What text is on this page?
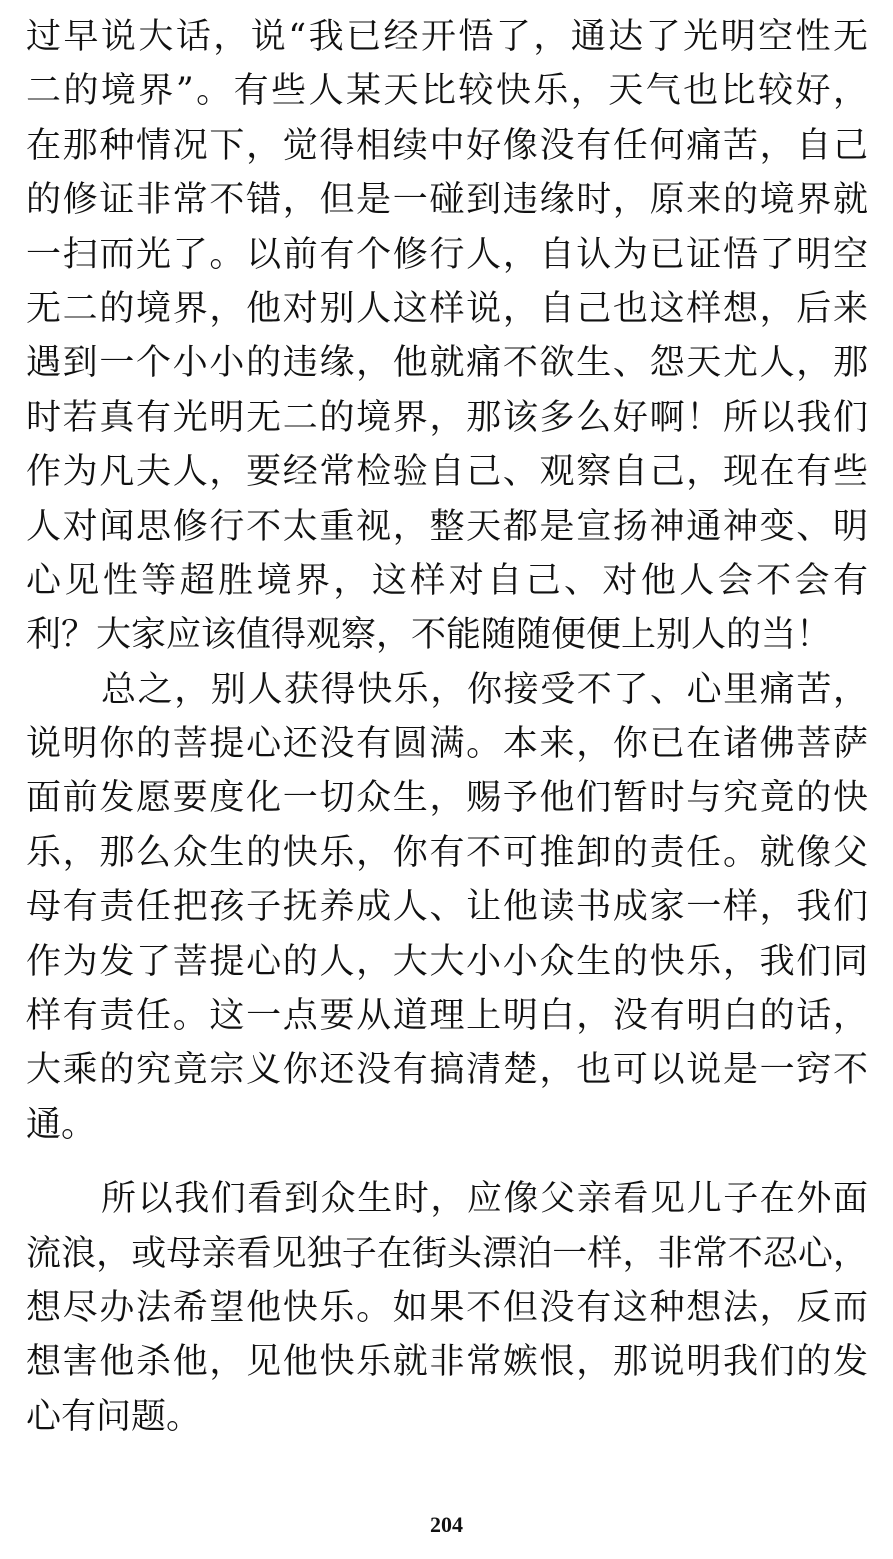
过早说大话，说“我已经开悟了，通达了光明空性无
二的境界”。有些人某天比较快乐，天气也比较好，
在那种情况下，觉得相续中好像没有任何痛苦，自己
的修证非常不错，但是一碰到违缘时，原来的境界就
一扫而光了。以前有个修行人，自认为已证悟了明空
无二的境界，他对别人这样说，自己也这样想，后来
遇到一个小小的违缘，他就痛不欲生、怨天尤人，那
时若真有光明无二的境界，那该多么好啊！所以我们
作为凡夫人，要经常检验自己、观察自己，现在有些
人对闻思修行不太重视，整天都是宣扬神通神变、明
心见性等超胜境界，这样对自己、对他人会不会有
利？大家应该值得观察，不能随随便便上别人的当！
总之，别人获得快乐，你接受不了、心里痛苦，
说明你的菩提心还没有圆满。本来，你已在诸佛菩萨
面前发愿要度化一切众生，赐予他们暂时与究竟的快
乐，那么众生的快乐，你有不可推卸的责任。就像父
母有责任把孩子抚养成人、让他读书成家一样，我们
作为发了菩提心的人，大大小小众生的快乐，我们同
样有责任。这一点要从道理上明白，没有明白的话，
大乘的究竟宗义你还没有搞清楚，也可以说是一窍不
通。
所以我们看到众生时，应像父亲看见儿子在外面
流浪，或母亲看见独子在街头漂泊一样，非常不忍心，
想尽办法希望他快乐。如果不但没有这种想法，反而
想害他杀他，见他快乐就非常嫉恨，那说明我们的发
心有问题。
204
